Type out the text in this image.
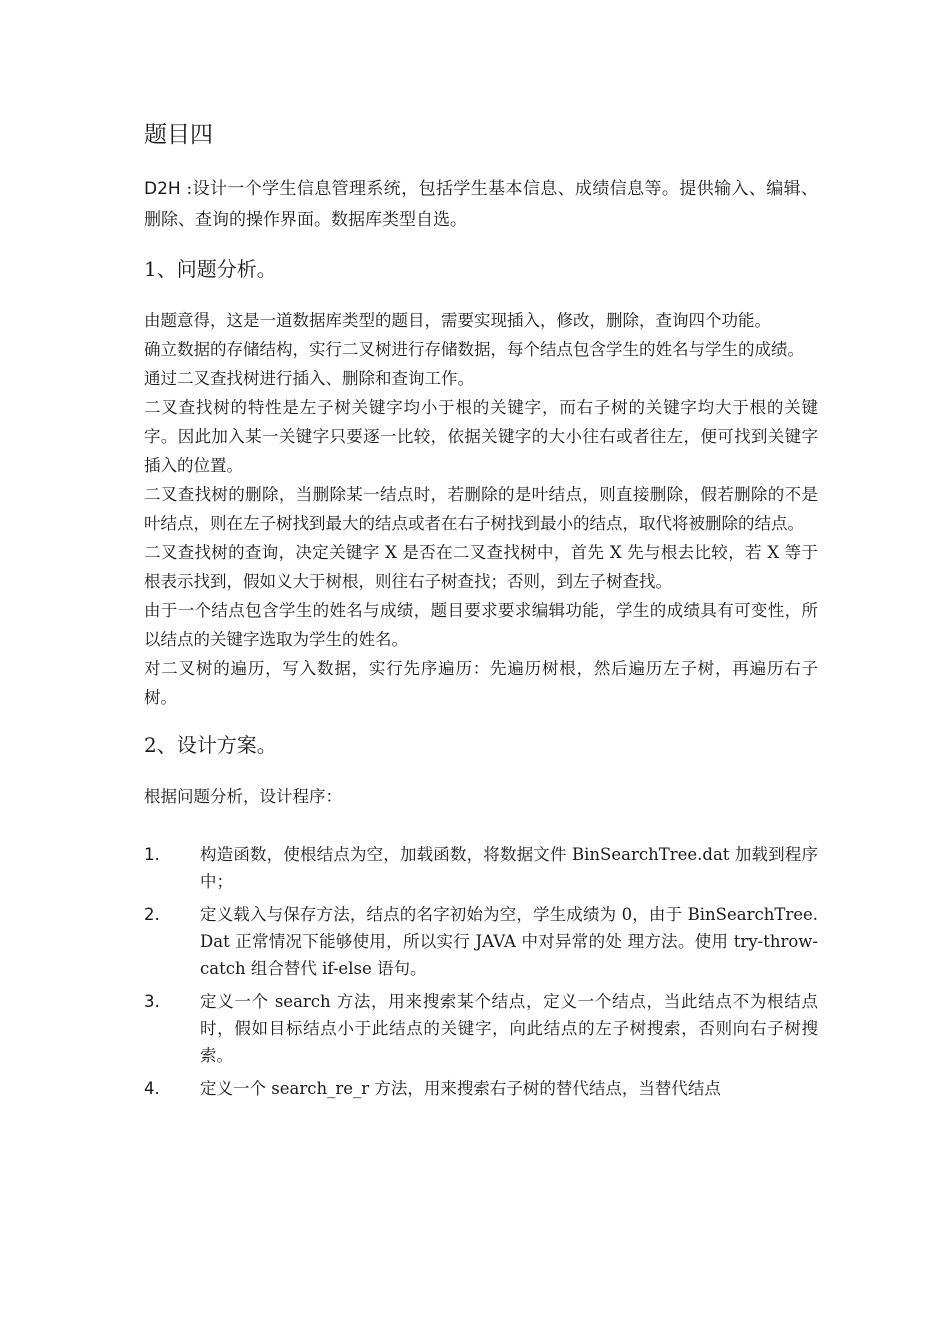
题目四

D2H :设计一个学生信息管理系统，包括学生基本信息、成绩信息等。提供输入、编辑、删除、查询的操作界面。数据库类型自选。

1、问题分析。

由题意得，这是一道数据库类型的题目，需要实现插入，修改，删除，查询四个功能。

确立数据的存储结构，实行二叉树进行存储数据，每个结点包含学生的姓名与学生的成绩。

通过二叉查找树进行插入、删除和查询工作。

二叉查找树的特性是左子树关键字均小于根的关键字，而右子树的关键字均大于根的关键字。因此加入某一关键字只要逐一比较，依据关键字的大小往右或者往左，便可找到关键字插入的位置。

二叉查找树的删除，当删除某一结点时，若删除的是叶结点，则直接删除，假若删除的不是叶结点，则在左子树找到最大的结点或者在右子树找到最小的结点，取代将被删除的结点。

二叉查找树的查询，决定关键字 X 是否在二叉查找树中，首先 X 先与根去比较，若 X 等于根表示找到，假如义大于树根，则往右子树查找；否则，到左子树查找。

由于一个结点包含学生的姓名与成绩，题目要求要求编辑功能，学生的成绩具有可变性，所以结点的关键字选取为学生的姓名。

对二叉树的遍历，写入数据，实行先序遍历：先遍历树根，然后遍历左子树，再遍历右子树。

2、设计方案。

根据问题分析，设计程序：

1. 构造函数，使根结点为空，加载函数，将数据文件 BinSearchTree.dat 加载到程序中；
2. 定义载入与保存方法，结点的名字初始为空，学生成绩为 0，由于 BinSearchTree. Dat 正常情况下能够使用，所以实行 JAVA 中对异常的处 理方法。使用 try-throw-catch 组合替代 if-else 语句。
3. 定义一个 search 方法，用来搜索某个结点，定义一个结点，当此结点不为根结点时，假如目标结点小于此结点的关键字，向此结点的左子树搜索，否则向右子树搜索。
4. 定义一个 search_re_r 方法，用来搜索右子树的替代结点，当替代结点
